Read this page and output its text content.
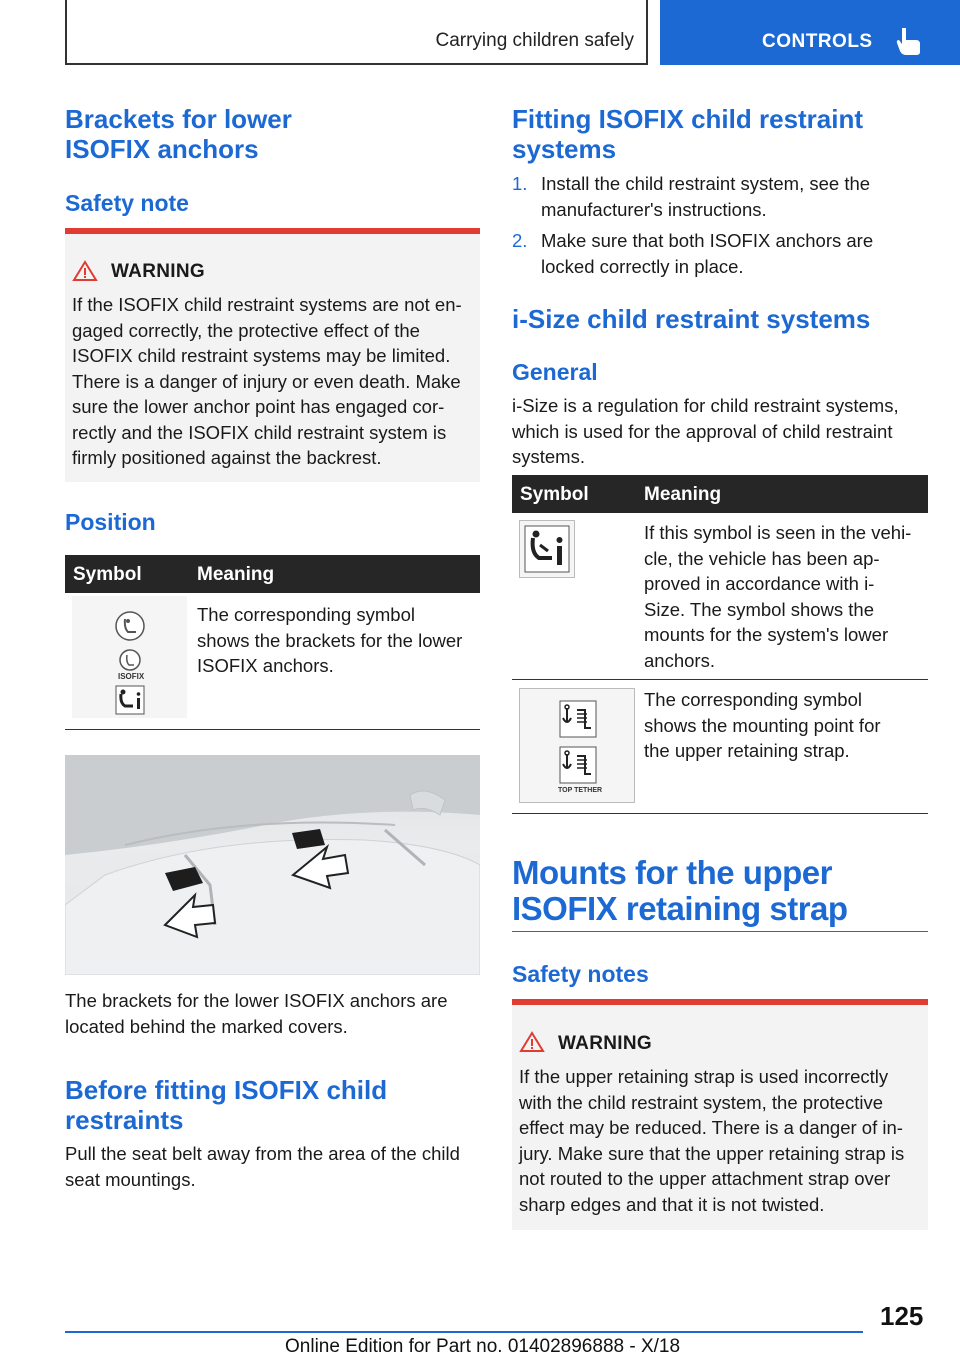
Carrying children safely	CONTROLS
Brackets for lower
ISOFIX anchors
Safety note
WARNING
If the ISOFIX child restraint systems are not en-
gaged correctly, the protective effect of the
ISOFIX child restraint systems may be limited.
There is a danger of injury or even death. Make
sure the lower anchor point has engaged cor-
rectly and the ISOFIX child restraint system is
firmly positioned against the backrest.
Position
Symbol	Meaning
ISOFIX
The corresponding symbol
shows the brackets for the lower
ISOFIX anchors.
The brackets for the lower ISOFIX anchors are
located behind the marked covers.
Before fitting ISOFIX child
restraints
Pull the seat belt away from the area of the child
seat mountings.
Fitting ISOFIX child restraint
systems
1. Install the child restraint system, see the
manufacturer's instructions.
2. Make sure that both ISOFIX anchors are
locked correctly in place.
i-Size child restraint systems
General
i-Size is a regulation for child restraint systems,
which is used for the approval of child restraint
systems.
Symbol	Meaning
If this symbol is seen in the vehi-
cle, the vehicle has been ap-
proved in accordance with i-
Size. The symbol shows the
mounts for the system's lower
anchors.
TOP TETHER
The corresponding symbol
shows the mounting point for
the upper retaining strap.
Mounts for the upper
ISOFIX retaining strap
Safety notes
WARNING
If the upper retaining strap is used incorrectly
with the child restraint system, the protective
effect may be reduced. There is a danger of in-
jury. Make sure that the upper retaining strap is
not routed to the upper attachment strap over
sharp edges and that it is not twisted.
125
Online Edition for Part no. 01402896888 - X/18
